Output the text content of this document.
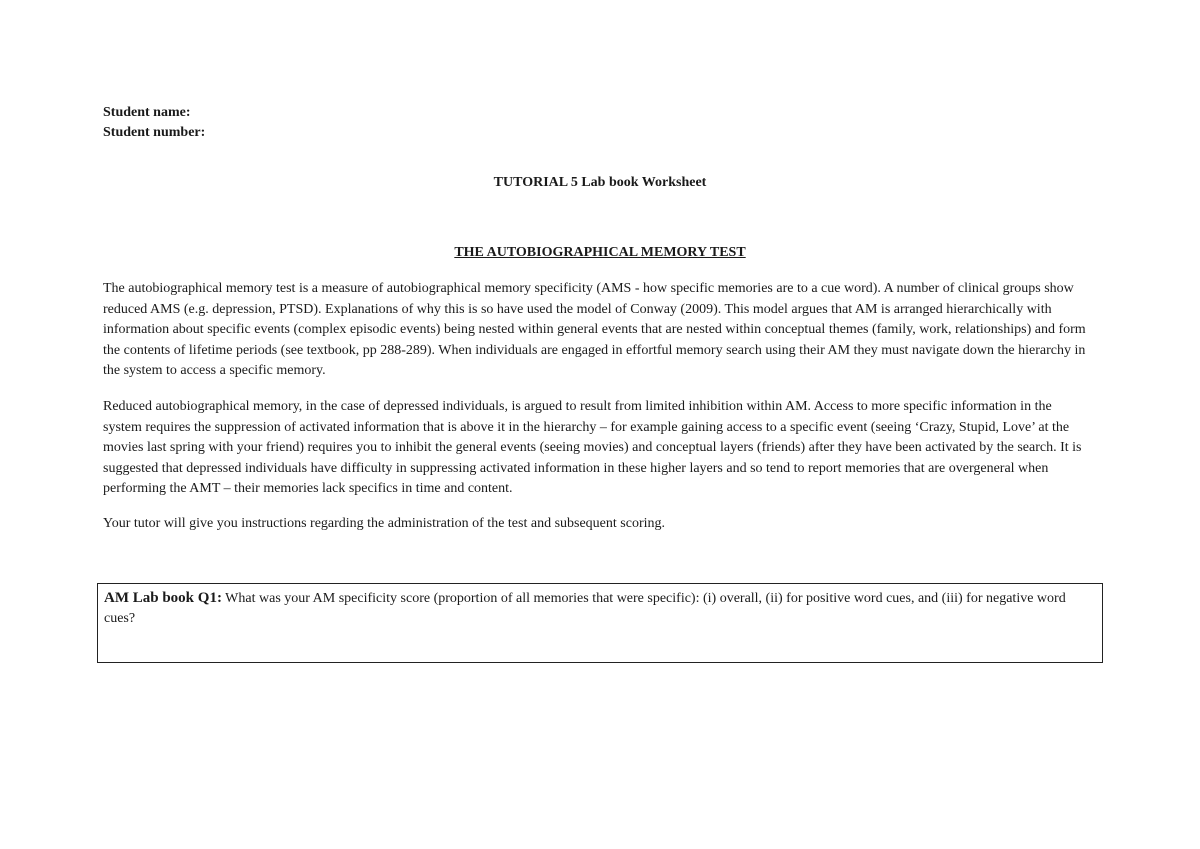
Student name:
Student number:
TUTORIAL 5 Lab book Worksheet
THE AUTOBIOGRAPHICAL MEMORY TEST

The autobiographical memory test is a measure of autobiographical memory specificity (AMS - how specific memories are to a cue word). A number of clinical groups show reduced AMS (e.g. depression, PTSD). Explanations of why this is so have used the model of Conway (2009). This model argues that AM is arranged hierarchically with information about specific events (complex episodic events) being nested within general events that are nested within conceptual themes (family, work, relationships) and form the contents of lifetime periods (see textbook, pp 288-289). When individuals are engaged in effortful memory search using their AM they must navigate down the hierarchy in the system to access a specific memory.

Reduced autobiographical memory, in the case of depressed individuals, is argued to result from limited inhibition within AM. Access to more specific information in the system requires the suppression of activated information that is above it in the hierarchy – for example gaining access to a specific event (seeing ‘Crazy, Stupid, Love’ at the movies last spring with your friend) requires you to inhibit the general events (seeing movies) and conceptual layers (friends) after they have been activated by the search. It is suggested that depressed individuals have difficulty in suppressing activated information in these higher layers and so tend to report memories that are overgeneral when performing the AMT – their memories lack specifics in time and content.

Your tutor will give you instructions regarding the administration of the test and subsequent scoring.

AM Lab book Q1: What was your AM specificity score (proportion of all memories that were specific): (i) overall, (ii) for positive word cues, and (iii) for negative word cues?
